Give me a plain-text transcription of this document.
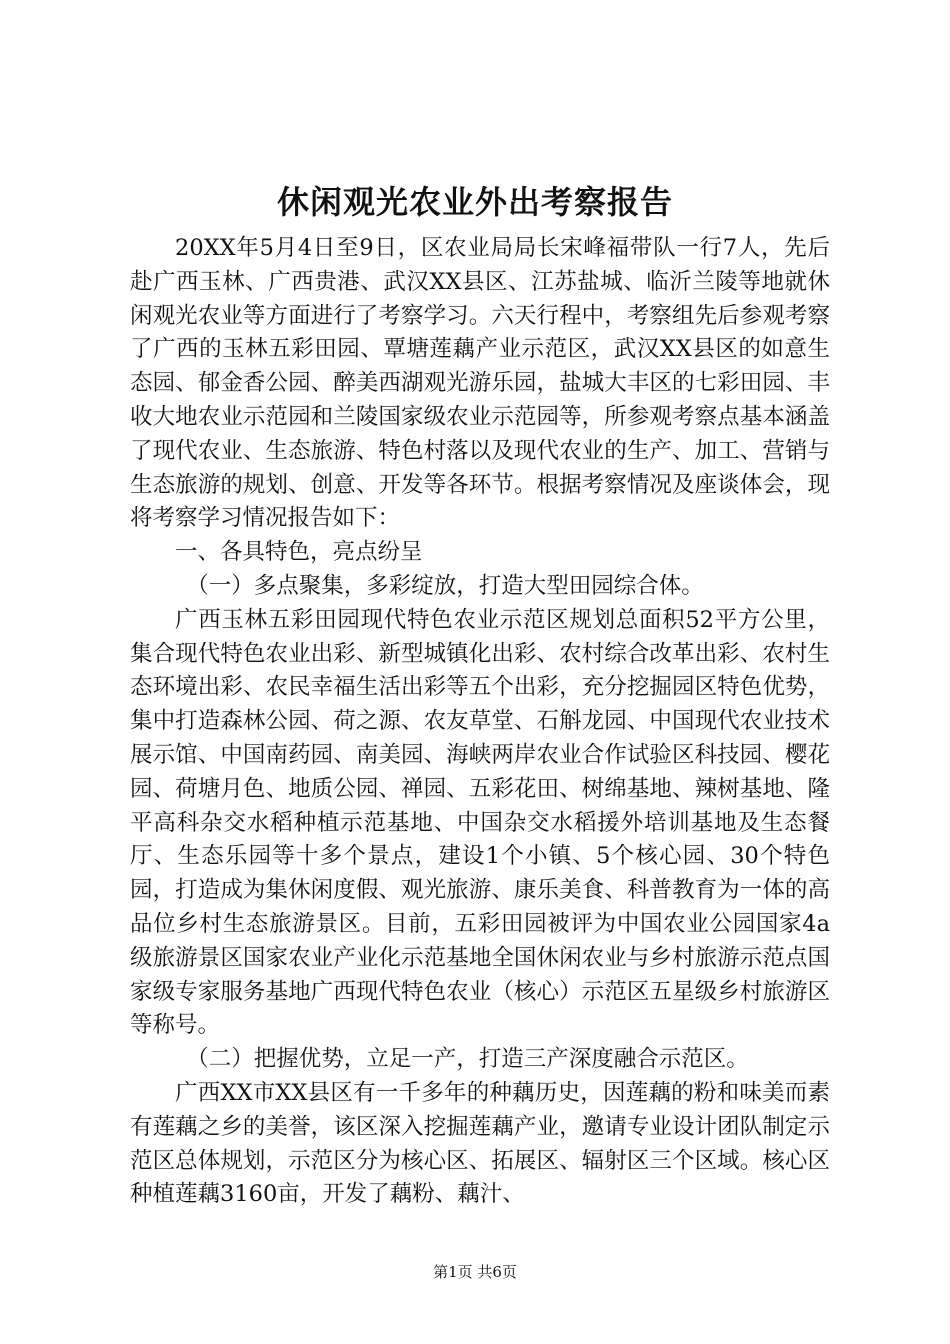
休闲观光农业外出考察报告

20XX年5月4日至9日，区农业局局长宋峰福带队一行7人，先后赴广西玉林、广西贵港、武汉XX县区、江苏盐城、临沂兰陵等地就休闲观光农业等方面进行了考察学习。六天行程中，考察组先后参观考察了广西的玉林五彩田园、覃塘莲藕产业示范区，武汉XX县区的如意生态园、郁金香公园、醉美西湖观光游乐园，盐城大丰区的七彩田园、丰收大地农业示范园和兰陵国家级农业示范园等，所参观考察点基本涵盖了现代农业、生态旅游、特色村落以及现代农业的生产、加工、营销与生态旅游的规划、创意、开发等各环节。根据考察情况及座谈体会，现将考察学习情况报告如下：

一、各具特色，亮点纷呈

（一）多点聚集，多彩绽放，打造大型田园综合体。

广西玉林五彩田园现代特色农业示范区规划总面积52平方公里，集合现代特色农业出彩、新型城镇化出彩、农村综合改革出彩、农村生态环境出彩、农民幸福生活出彩等五个出彩，充分挖掘园区特色优势，集中打造森林公园、荷之源、农友草堂、石斛龙园、中国现代农业技术展示馆、中国南药园、南美园、海峡两岸农业合作试验区科技园、樱花园、荷塘月色、地质公园、禅园、五彩花田、树绵基地、辣树基地、隆平高科杂交水稻种植示范基地、中国杂交水稻援外培训基地及生态餐厅、生态乐园等十多个景点，建设1个小镇、5个核心园、30个特色园，打造成为集休闲度假、观光旅游、康乐美食、科普教育为一体的高品位乡村生态旅游景区。目前，五彩田园被评为中国农业公园国家4a级旅游景区国家农业产业化示范基地全国休闲农业与乡村旅游示范点国家级专家服务基地广西现代特色农业（核心）示范区五星级乡村旅游区等称号。

（二）把握优势，立足一产，打造三产深度融合示范区。

广西XX市XX县区有一千多年的种藕历史，因莲藕的粉和味美而素有莲藕之乡的美誉，该区深入挖掘莲藕产业，邀请专业设计团队制定示范区总体规划，示范区分为核心区、拓展区、辐射区三个区域。核心区种植莲藕3160亩，开发了藕粉、藕汁、

第1页 共6页
